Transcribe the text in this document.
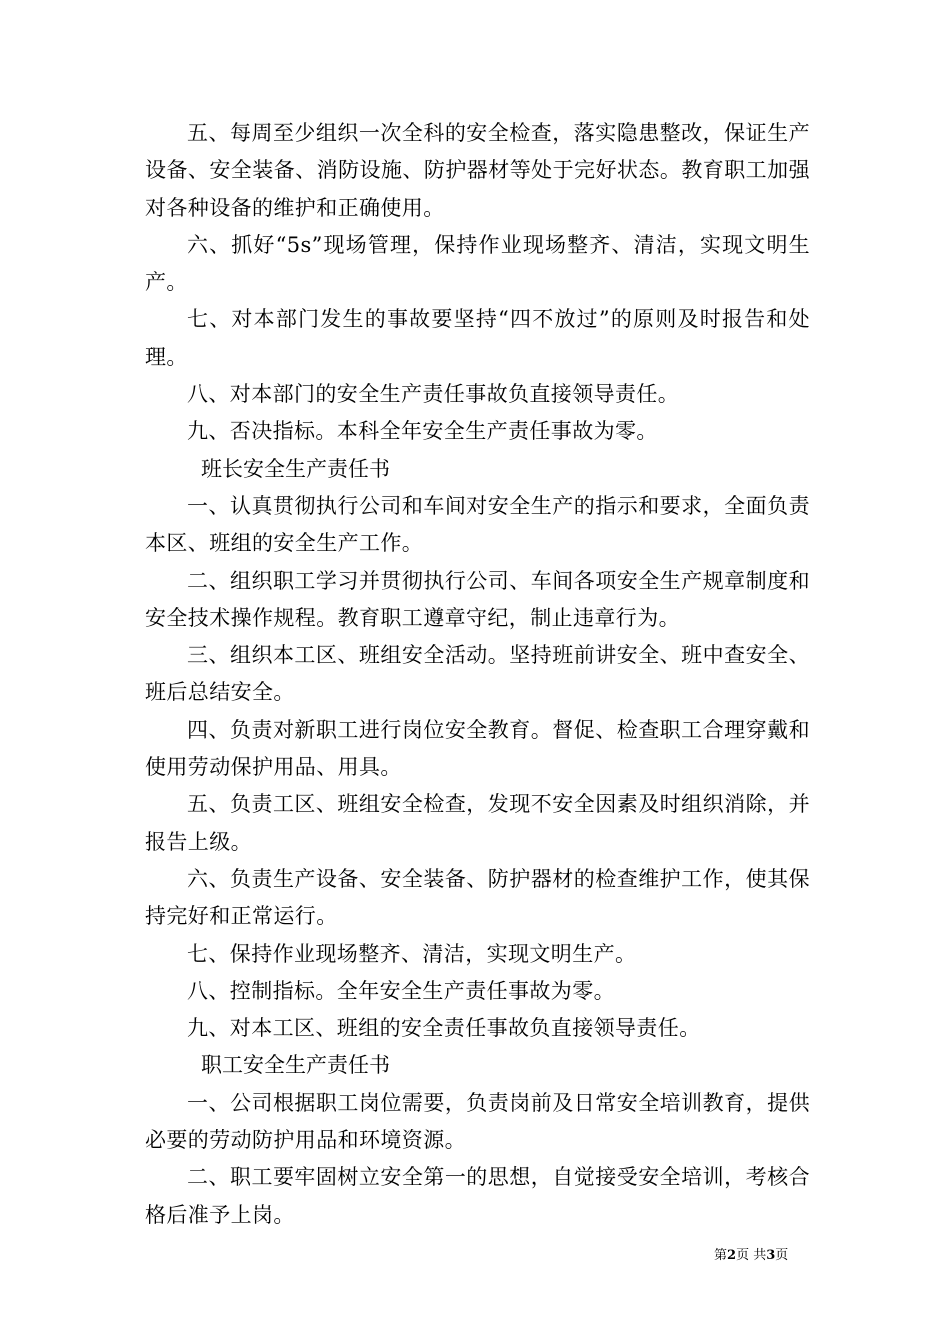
五、每周至少组织一次全科的安全检查，落实隐患整改，保证生产设备、安全装备、消防设施、防护器材等处于完好状态。教育职工加强对各种设备的维护和正确使用。

六、抓好“5s”现场管理，保持作业现场整齐、清洁，实现文明生产。

七、对本部门发生的事故要坚持“四不放过”的原则及时报告和处理。

八、对本部门的安全生产责任事故负直接领导责任。

九、否决指标。本科全年安全生产责任事故为零。

班长安全生产责任书

一、认真贯彻执行公司和车间对安全生产的指示和要求，全面负责本区、班组的安全生产工作。

二、组织职工学习并贯彻执行公司、车间各项安全生产规章制度和安全技术操作规程。教育职工遵章守纪，制止违章行为。

三、组织本工区、班组安全活动。坚持班前讲安全、班中查安全、班后总结安全。

四、负责对新职工进行岗位安全教育。督促、检查职工合理穿戴和使用劳动保护用品、用具。

五、负责工区、班组安全检查，发现不安全因素及时组织消除，并报告上级。

六、负责生产设备、安全装备、防护器材的检查维护工作，使其保持完好和正常运行。

七、保持作业现场整齐、清洁，实现文明生产。

八、控制指标。全年安全生产责任事故为零。

九、对本工区、班组的安全责任事故负直接领导责任。

职工安全生产责任书

一、公司根据职工岗位需要，负责岗前及日常安全培训教育，提供必要的劳动防护用品和环境资源。

二、职工要牢固树立安全第一的思想，自觉接受安全培训，考核合格后准予上岗。

第2页 共3页
